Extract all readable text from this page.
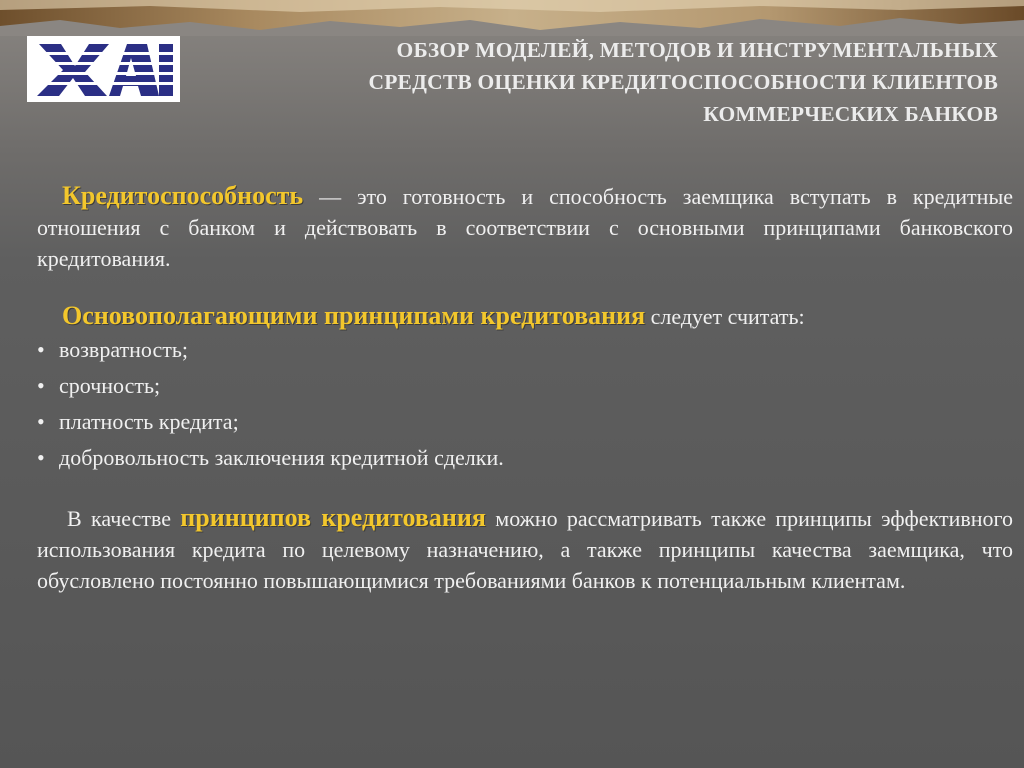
ОБЗОР МОДЕЛЕЙ, МЕТОДОВ И ИНСТРУМЕНТАЛЬНЫХ
СРЕДСТВ ОЦЕНКИ КРЕДИТОСПОСОБНОСТИ КЛИЕНТОВ
КОММЕРЧЕСКИХ БАНКОВ

Кредитоспособность — это готовность и способность заемщика вступать в кредитные отношения с банком и действовать в соответствии с основными принципами банковского кредитования.

Основополагающими принципами кредитования следует считать:

• возвратность;
• срочность;
• платность кредита;
• добровольность заключения кредитной сделки.

В качестве принципов кредитования можно рассматривать также принципы эффективного использования кредита по целевому назначению, а также принципы качества заемщика, что обусловлено постоянно повышающимися требованиями банков к потенциальным клиентам.
